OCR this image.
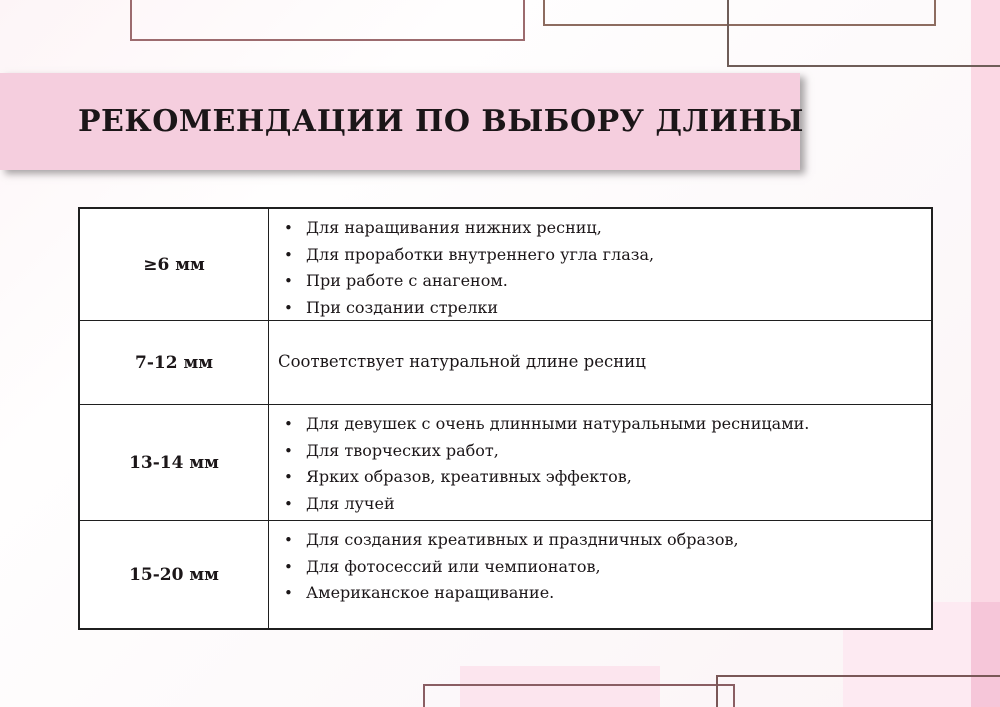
РЕКОМЕНДАЦИИ ПО ВЫБОРУ ДЛИНЫ
≥6 мм
• Для наращивания нижних ресниц,
• Для проработки внутреннего угла глаза,
• При работе с анагеном.
• При создании стрелки
7-12 мм	Соответствует натуральной длине ресниц
13-14 мм
• Для девушек с очень длинными натуральными ресницами.
• Для творческих работ,
• Ярких образов, креативных эффектов,
• Для лучей
15-20 мм
• Для создания креативных и праздничных образов,
• Для фотосессий или чемпионатов,
• Американское наращивание.
